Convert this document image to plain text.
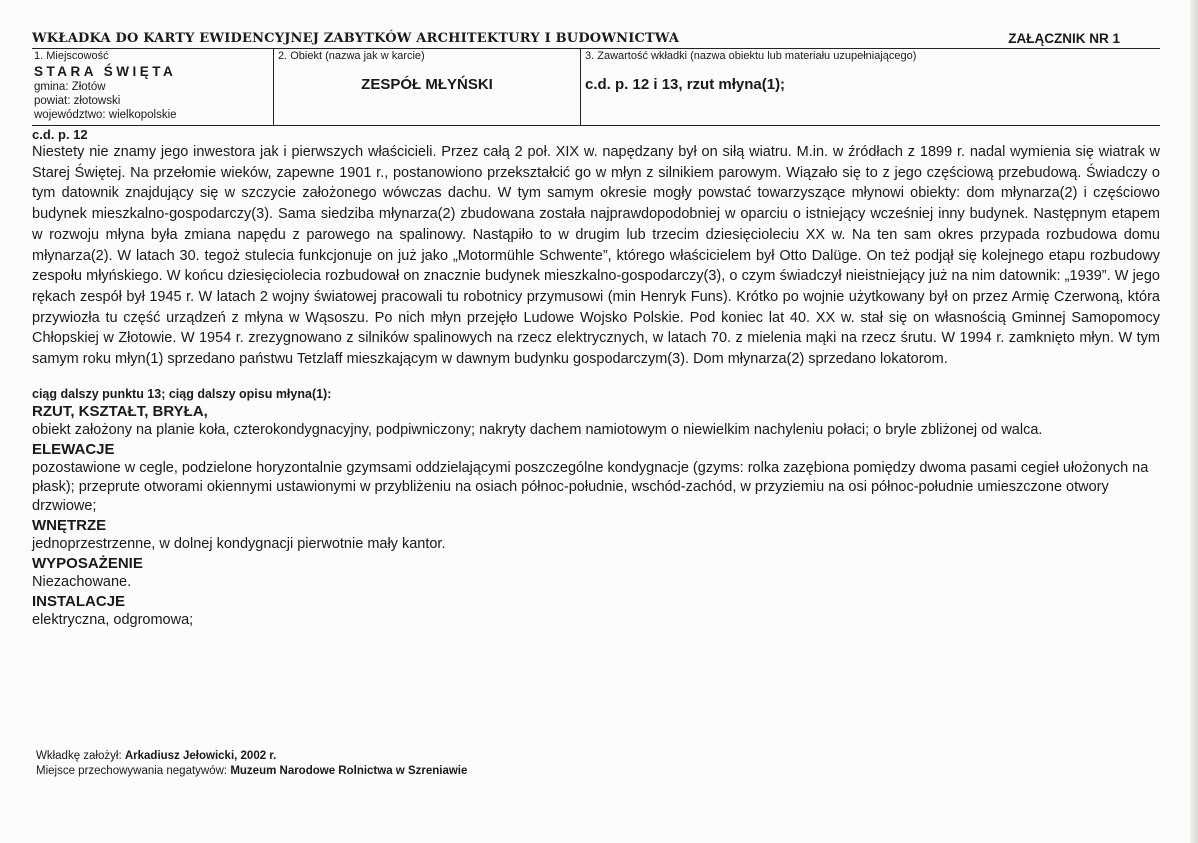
WKŁADKA DO KARTY EWIDENCYJNEJ ZABYTKÓW ARCHITEKTURY I BUDOWNICTWA	ZAŁĄCZNIK NR 1
1. Miejscowość
STARA ŚWIĘTA
gmina: Złotów
powiat: złotowski
województwo: wielkopolskie
2. Obiekt (nazwa jak w karcie)
ZESPÓŁ MŁYŃSKI
3. Zawartość wkładki (nazwa obiektu lub materiału uzupełniającego)
c.d. p. 12 i 13, rzut młyna(1);
c.d. p. 12

Niestety nie znamy jego inwestora jak i pierwszych właścicieli. Przez całą 2 poł. XIX w. napędzany był on siłą wiatru. M.in. w źródłach z 1899 r. nadal wymienia się wiatrak w Starej Świętej. Na przełomie wieków, zapewne 1901 r., postanowiono przekształcić go w młyn z silnikiem parowym. Wiązało się to z jego częściową przebudową. Świadczy o tym datownik znajdujący się w szczycie założonego wówczas dachu. W tym samym okresie mogły powstać towarzyszące młynowi obiekty: dom młynarza(2) i częściowo budynek mieszkalno-gospodarczy(3). Sama siedziba młynarza(2) zbudowana została najprawdopodobniej w oparciu o istniejący wcześniej inny budynek. Następnym etapem w rozwoju młyna była zmiana napędu z parowego na spalinowy. Nastąpiło to w drugim lub trzecim dziesięcioleciu XX w. Na ten sam okres przypada rozbudowa domu młynarza(2). W latach 30. tegoż stulecia funkcjonuje on już jako „Motormühle Schwente”, którego właścicielem był Otto Dalüge. On też podjął się kolejnego etapu rozbudowy zespołu młyńskiego. W końcu dziesięciolecia rozbudował on znacznie budynek mieszkalno-gospodarczy(3), o czym świadczył nieistniejący już na nim datownik: „1939”. W jego rękach zespół był 1945 r. W latach 2 wojny światowej pracowali tu robotnicy przymusowi (min Henryk Funs). Krótko po wojnie użytkowany był on przez Armię Czerwoną, która przywiozła tu część urządzeń z młyna w Wąsoszu. Po nich młyn przejęło Ludowe Wojsko Polskie. Pod koniec lat 40. XX w. stał się on własnością Gminnej Samopomocy Chłopskiej w Złotowie. W 1954 r. zrezygnowano z silników spalinowych na rzecz elektrycznych, w latach 70. z mielenia mąki na rzecz śrutu. W 1994 r. zamknięto młyn. W tym samym roku młyn(1) sprzedano państwu Tetzlaff mieszkającym w dawnym budynku gospodarczym(3). Dom młynarza(2) sprzedano lokatorom.

ciąg dalszy punktu 13; ciąg dalszy opisu młyna(1):
RZUT, KSZTAŁT, BRYŁA,

obiekt założony na planie koła, czterokondygnacyjny, podpiwniczony; nakryty dachem namiotowym o niewielkim nachyleniu połaci; o bryle zbliżonej od walca.

ELEWACJE

pozostawione w cegle, podzielone horyzontalnie gzymsami oddzielającymi poszczególne kondygnacje (gzyms: rolka zazębiona pomiędzy dwoma pasami cegieł ułożonych na płask); przeprute otworami okiennymi ustawionymi w przybliżeniu na osiach północ-południe, wschód-zachód, w przyziemiu na osi północ-południe umieszczone otwory drzwiowe;

WNĘTRZE

jednoprzestrzenne, w dolnej kondygnacji pierwotnie mały kantor.

WYPOSAŻENIE

Niezachowane.

INSTALACJE

elektryczna, odgromowa;

Wkładkę założył: Arkadiusz Jełowicki, 2002 r.
Miejsce przechowywania negatywów: Muzeum Narodowe Rolnictwa w Szreniawie
